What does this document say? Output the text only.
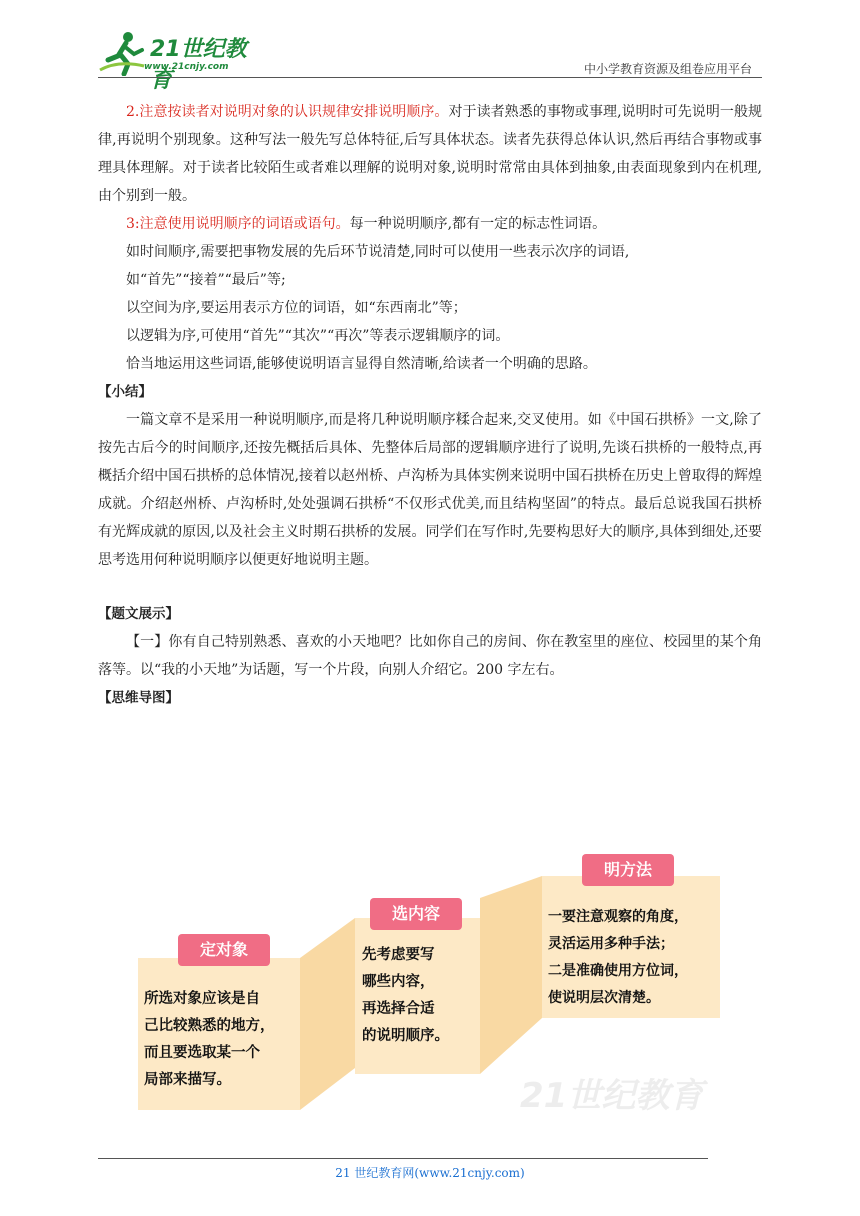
21世纪教育
www.21cnjy.com	中小学教育资源及组卷应用平台

2.注意按读者对说明对象的认识规律安排说明顺序。对于读者熟悉的事物或事理,说明时可先说明一般规律,再说明个别现象。这种写法一般先写总体特征,后写具体状态。读者先获得总体认识,然后再结合事物或事理具体理解。对于读者比较陌生或者难以理解的说明对象,说明时常常由具体到抽象,由表面现象到内在机理,由个别到一般。

3:注意使用说明顺序的词语或语句。每一种说明顺序,都有一定的标志性词语。

如时间顺序,需要把事物发展的先后环节说清楚,同时可以使用一些表示次序的词语,

如“首先”“接着”“最后”等;

以空间为序,要运用表示方位的词语，如“东西南北”等；

以逻辑为序,可使用“首先”“其次”“再次”等表示逻辑顺序的词。

恰当地运用这些词语,能够使说明语言显得自然清晰,给读者一个明确的思路。

【小结】

一篇文章不是采用一种说明顺序,而是将几种说明顺序糅合起来,交叉使用。如《中国石拱桥》一文,除了按先古后今的时间顺序,还按先概括后具体、先整体后局部的逻辑顺序进行了说明,先谈石拱桥的一般特点,再概括介绍中国石拱桥的总体情况,接着以赵州桥、卢沟桥为具体实例来说明中国石拱桥在历史上曾取得的辉煌成就。介绍赵州桥、卢沟桥时,处处强调石拱桥“不仅形式优美,而且结构坚固”的特点。最后总说我国石拱桥有光辉成就的原因,以及社会主义时期石拱桥的发展。同学们在写作时,先要构思好大的顺序,具体到细处,还要思考选用何种说明顺序以便更好地说明主题。

【题文展示】

【一】你有自己特别熟悉、喜欢的小天地吧？比如你自己的房间、你在教室里的座位、校园里的某个角落等。以“我的小天地”为话题，写一个片段，向别人介绍它。200 字左右。

【思维导图】

定对象
所选对象应该是自
己比较熟悉的地方，
而且要选取某一个
局部来描写。
选内容
先考虑要写
哪些内容，
再选择合适
的说明顺序。
明方法
一要注意观察的角度，
灵活运用多种手法；
二是准确使用方位词，
使说明层次清楚。
21世纪教育
21 世纪教育网(www.21cnjy.com)
